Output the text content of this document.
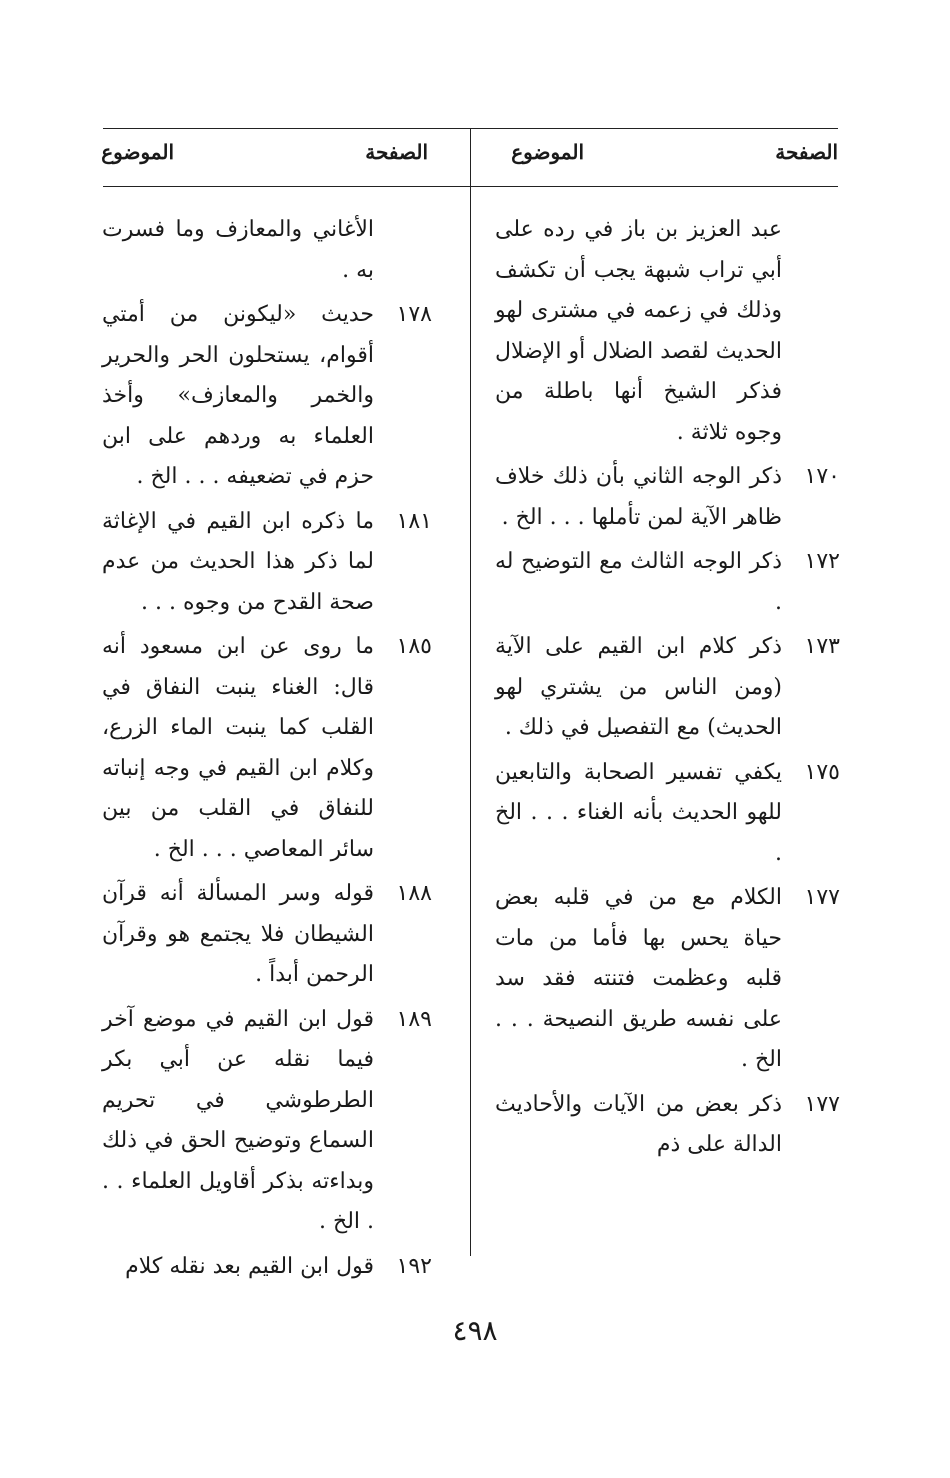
الصفحة
الموضوع
الصفحة
الموضوع
عبد العزيز بن باز في رده على أبي تراب شبهة يجب أن تكشف وذلك في زعمه في مشترى لهو الحديث لقصد الضلال أو الإضلال فذكر الشيخ أنها باطلة من وجوه ثلاثة .
١٧٠
ذكر الوجه الثاني بأن ذلك خلاف ظاهر الآية لمن تأملها . . . الخ .
١٧٢
ذكر الوجه الثالث مع التوضيح له .
١٧٣
ذكر كلام ابن القيم على الآية (ومن الناس من يشتري لهو الحديث) مع التفصيل في ذلك .
١٧٥
يكفي تفسير الصحابة والتابعين للهو الحديث بأنه الغناء . . . الخ .
١٧٧
الكلام مع من في قلبه بعض حياة يحس بها فأما من مات قلبه وعظمت فتنته فقد سد على نفسه طريق النصيحة . . . الخ .
١٧٧
ذكر بعض من الآيات والأحاديث الدالة على ذم
الأغاني والمعازف وما فسرت به .
١٧٨
حديث «ليكونن من أمتي أقوام، يستحلون الحر والحرير والخمر والمعازف» وأخذ العلماء به وردهم على ابن حزم في تضعيفه . . . الخ .
١٨١
ما ذكره ابن القيم في الإغاثة لما ذكر هذا الحديث من عدم صحة القدح من وجوه . . .
١٨٥
ما روى عن ابن مسعود أنه قال: الغناء ينبت النفاق في القلب كما ينبت الماء الزرع، وكلام ابن القيم في وجه إنباته للنفاق في القلب من بين سائر المعاصي . . . الخ .
١٨٨
قوله وسر المسألة أنه قرآن الشيطان فلا يجتمع هو وقرآن الرحمن أبداً .
١٨٩
قول ابن القيم في موضع آخر فيما نقله عن أبي بكر الطرطوشي في تحريم السماع وتوضيح الحق في ذلك وبداءته بذكر أقاويل العلماء . . . الخ .
١٩٢
قول ابن القيم بعد نقله كلام
٤٩٨
